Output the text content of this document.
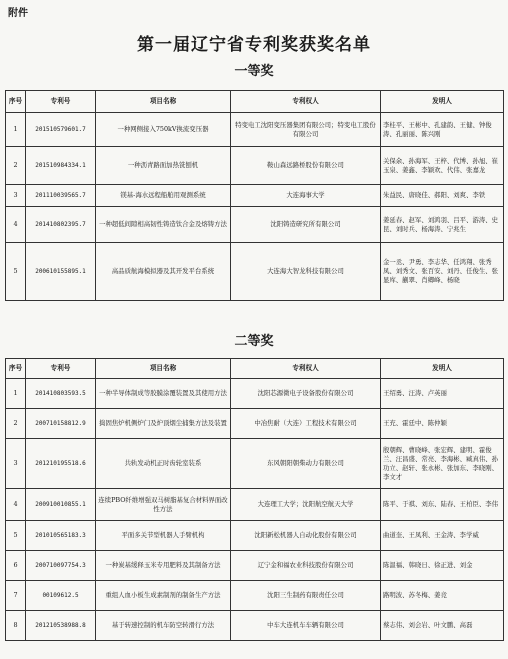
附件
第一届辽宁省专利奖获奖名单
一等奖
序号	专利号	项目名称	专利权人	发明人
1	201510579601.7	一种网侧接入750kV换流变压器	特变电工沈阳变压器集团有限公司；特变电工股份有限公司	李桂平、王彬中、孔建韵、王健、钟俊涛、孔丽丽、陈兴刚
2	201510984334.1	一种沥青路面加热铣刨机	鞍山森远路桥股份有限公司	关保余、孙海军、王梓、代博、孙旭、崔玉泉、姜鑫、李颖欢、代伟、张嘉龙
3	201110039565.7	镁基-海水远程船舶用观测系统	大连海事大学	朱益民、唐晓佳、郝阳、刘爽、李铁
4	201410802395.7	一种超低间隙相高韧性铸造钛合金及熔铸方法	沈阳铸造研究所有限公司	姜延春、赵军、刘鸿羽、吕平、游涛、史昆、刘时兵、杨海涛、宁兆生
5	200610155895.1	高品质航海模拟器及其开发平台系统	大连海大智龙科技有限公司	金一丞、尹勇、李志华、任鸿翔、张秀凤、刘秀文、张百安、刘丹、任俊生、张显库、蒯翠、肖卿峰、杨晓
二等奖
序号	专利号	项目名称	专利权人	发明人
1	201410803593.5	一种半导体制成等胶膜涂覆装置及其使用方法	沈阳芯源微电子设备股份有限公司	王绍勇、汪涛、卢英丽
2	200710158812.9	捣固焦炉机侧炉门及炉顶烟尘捕集方法及装置	中冶焦耐（大连）工程技术有限公司	王充、霍廷中、陈仲颖
3	201210195518.6	共轨发动机正时齿轮室装系	东风朝阳朝柴动力有限公司	殷朝辉、曹晓峰、张宏辉、建明、霍俊兰、汪昌盛、常亮、李海彬、臧真伟、孙功立、赵轩、张永彬、张加东、李晓刚、李文才
4	200910010855.1	连续PBO纤维增强双马树脂基复合材料界面改性方法	大连理工大学；沈阳航空航天大学	陈平、于祺、刘东、陆春、王柏臣、李伟
5	201010565183.3	平面多关节型机器人手臂机构	沈阳新松机器人自动化股份有限公司	曲道奎、王凤利、王金涛、李学威
6	200710097754.3	一种炭基缓释玉米专用肥料及其制备方法	辽宁金和福农业科技股份有限公司	陈温福、韩晓日、徐正进、刘金
7	00109612.5	重组人血小板生成素制剂的制备生产方法	沈阳三生制药有限责任公司	路明波、苏冬梅、姜竞
8	201210538988.8	基于转速控制的机车防空转滑行方法	中车大连机车车辆有限公司	蔡志伟、刘会岩、叶文鹏、高磊
